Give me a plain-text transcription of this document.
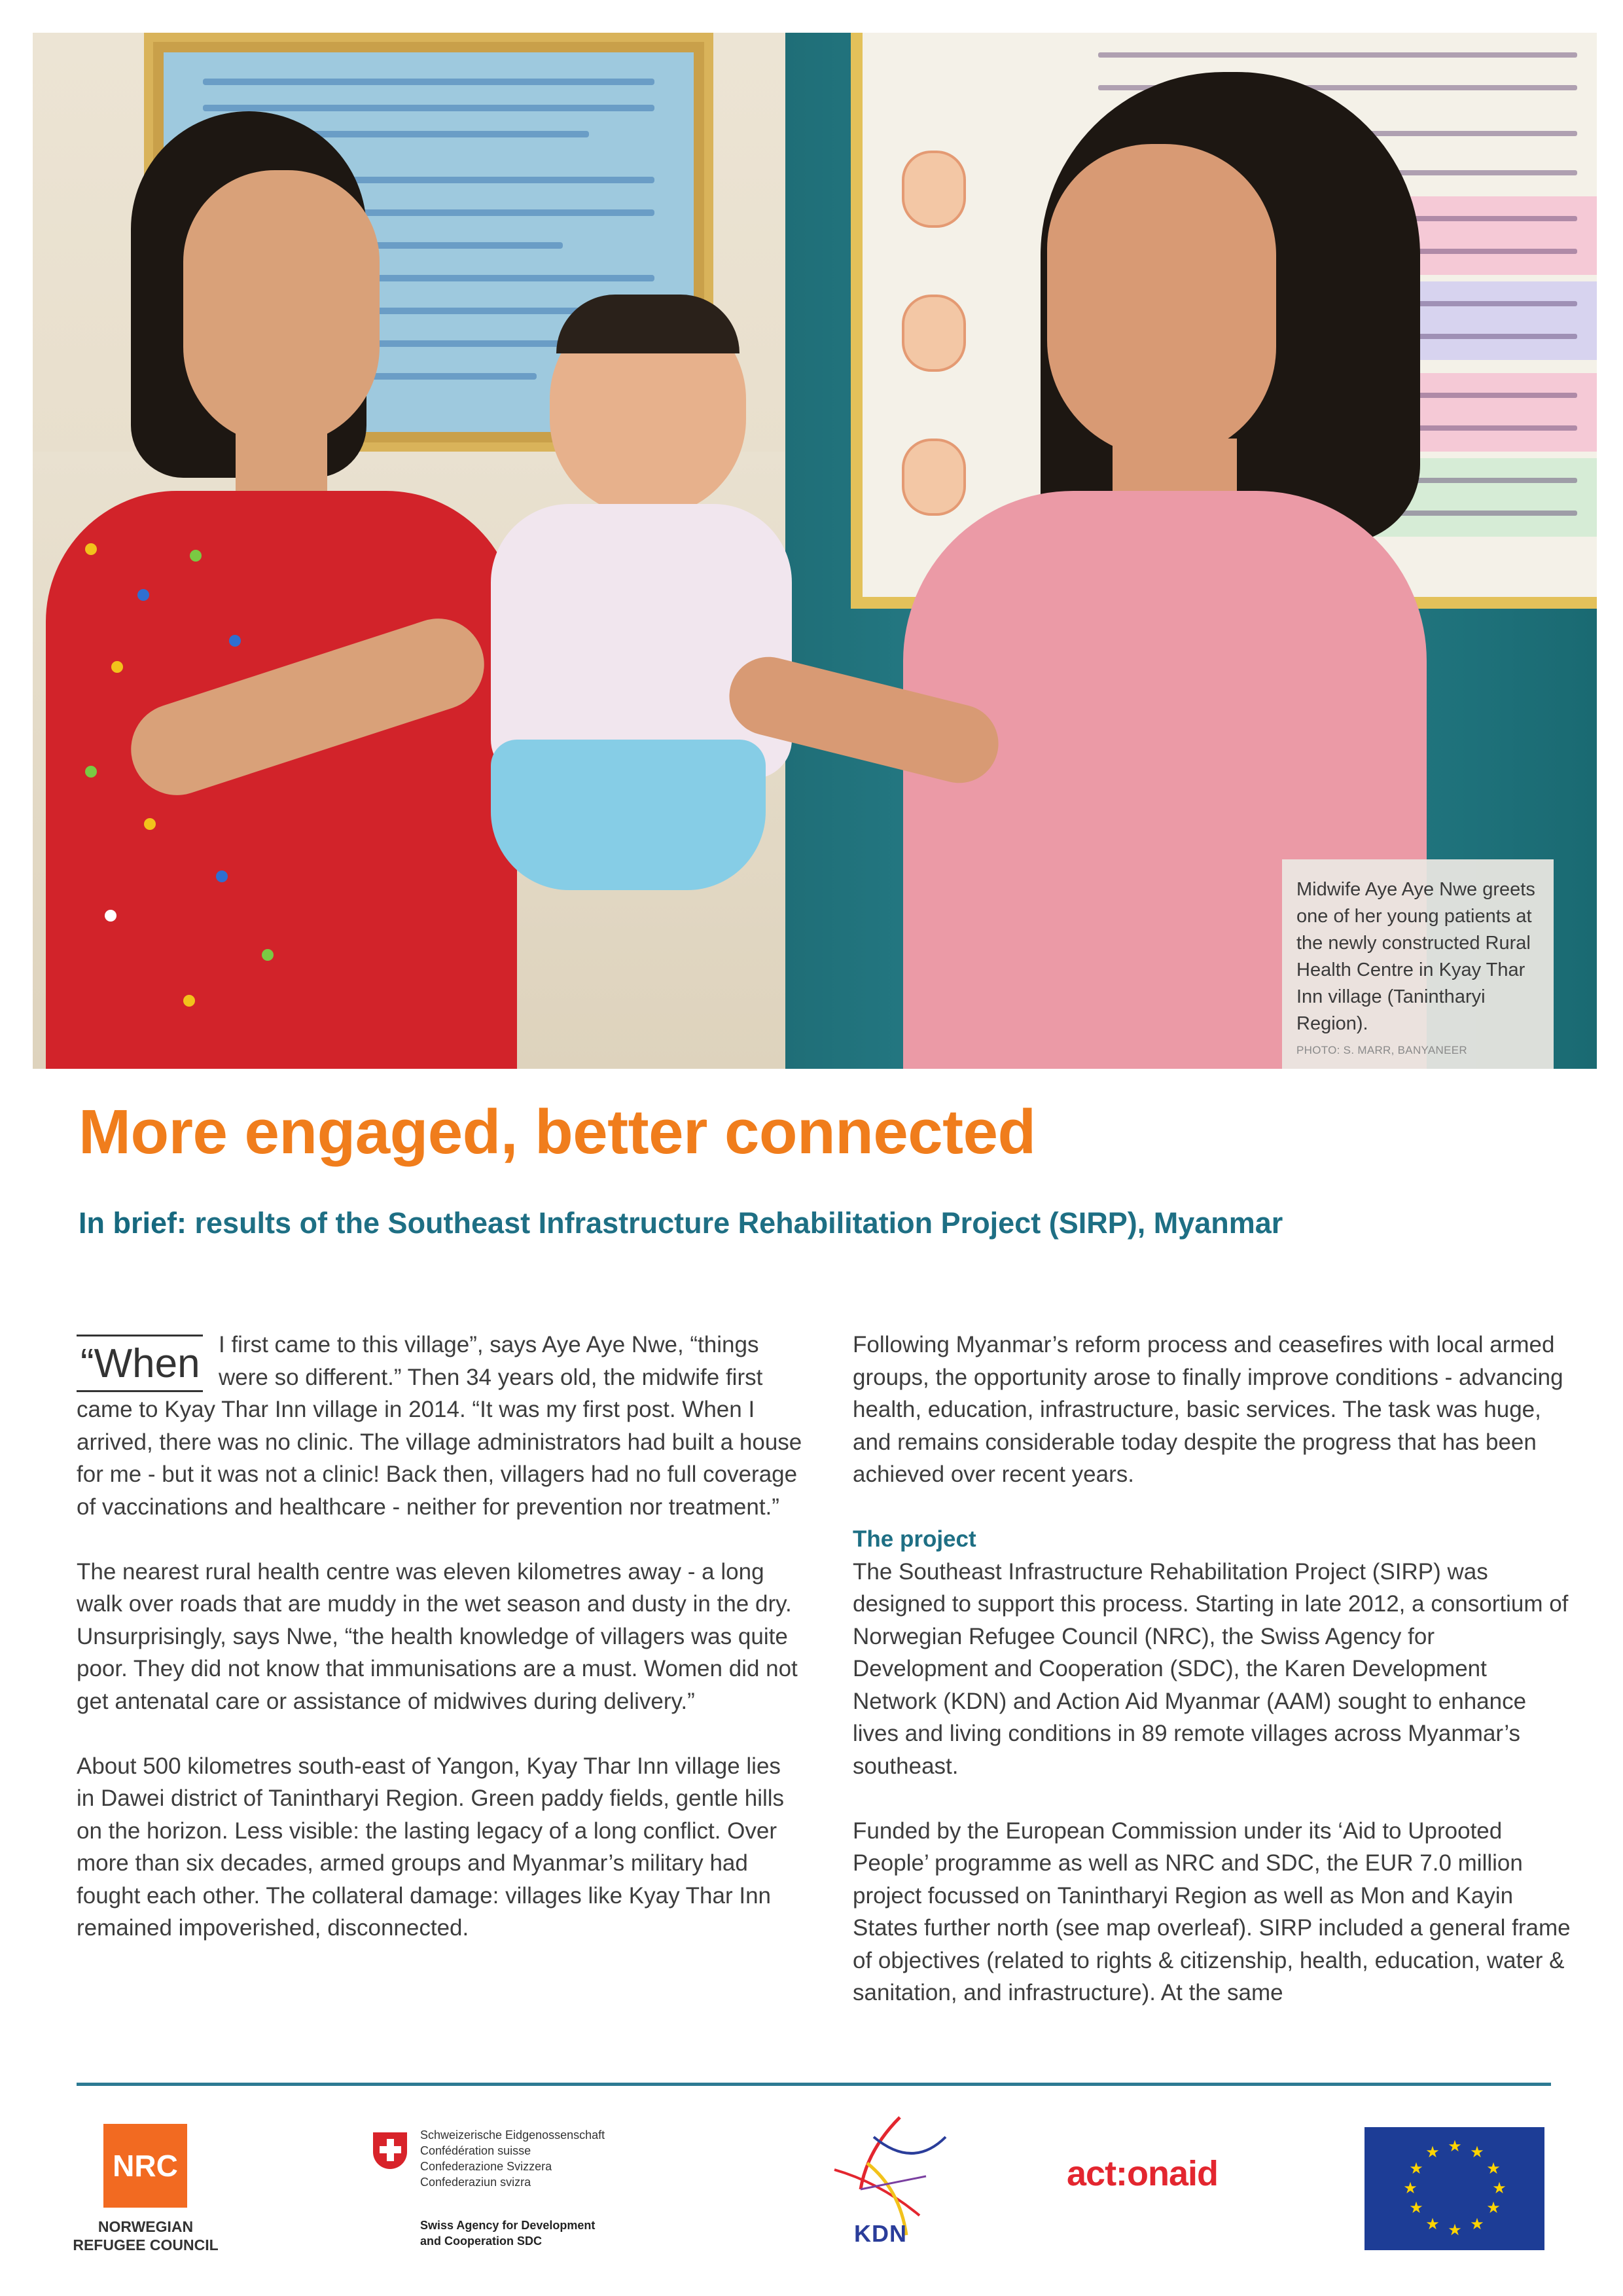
Midwife Aye Aye Nwe greets one of her young patients at the newly constructed Rural Health Centre in Kyay Thar Inn village (Tanintharyi Region).

PHOTO: S. MARR, BANYANEER
More engaged, better connected
In brief: results of the Southeast Infrastructure Rehabilitation Project (SIRP), Myanmar
“When I first came to this village”, says Aye Aye Nwe, “things were so different.” Then 34 years old, the midwife first came to Kyay Thar Inn village in 2014. “It was my first post. When I arrived, there was no clinic. The village administrators had built a house for me - but it was not a clinic! Back then, villagers had no full coverage of vaccinations and healthcare - neither for prevention nor treatment.”

The nearest rural health centre was eleven kilometres away - a long walk over roads that are muddy in the wet season and dusty in the dry. Unsurprisingly, says Nwe, “the health knowledge of villagers was quite poor. They did not know that immunisations are a must. Women did not get antenatal care or assistance of midwives during delivery.”

About 500 kilometres south-east of Yangon, Kyay Thar Inn village lies in Dawei district of Tanintharyi Region. Green paddy fields, gentle hills on the horizon. Less visible: the lasting legacy of a long conflict. Over more than six decades, armed groups and Myanmar’s military had fought each other. The collateral damage: villages like Kyay Thar Inn remained impoverished, disconnected.

Following Myanmar’s reform process and ceasefires with local armed groups, the opportunity arose to finally improve conditions - advancing health, education, infrastructure, basic services. The task was huge, and remains considerable today despite the progress that has been achieved over recent years.

The project

The Southeast Infrastructure Rehabilitation Project (SIRP) was designed to support this process. Starting in late 2012, a consortium of Norwegian Refugee Council (NRC), the Swiss Agency for Development and Cooperation (SDC), the Karen Development Network (KDN) and Action Aid Myanmar (AAM) sought to enhance lives and living conditions in 89 remote villages across Myanmar’s southeast.

Funded by the European Commission under its ‘Aid to Uprooted People’ programme as well as NRC and SDC, the EUR 7.0 million project focussed on Tanintharyi Region as well as Mon and Kayin States further north (see map overleaf). SIRP included a general frame of objectives (related to rights & citizenship, health, education, water & sanitation, and infrastructure). At the same

NRC
NORWEGIAN
REFUGEE COUNCIL
Schweizerische Eidgenossenschaft
Confédération suisse
Confederazione Svizzera
Confederaziun svizra
Swiss Agency for Development
and Cooperation SDC	KDN
act:onaid
★ ★
★
★
★
★
★
★
★
★
★
★
